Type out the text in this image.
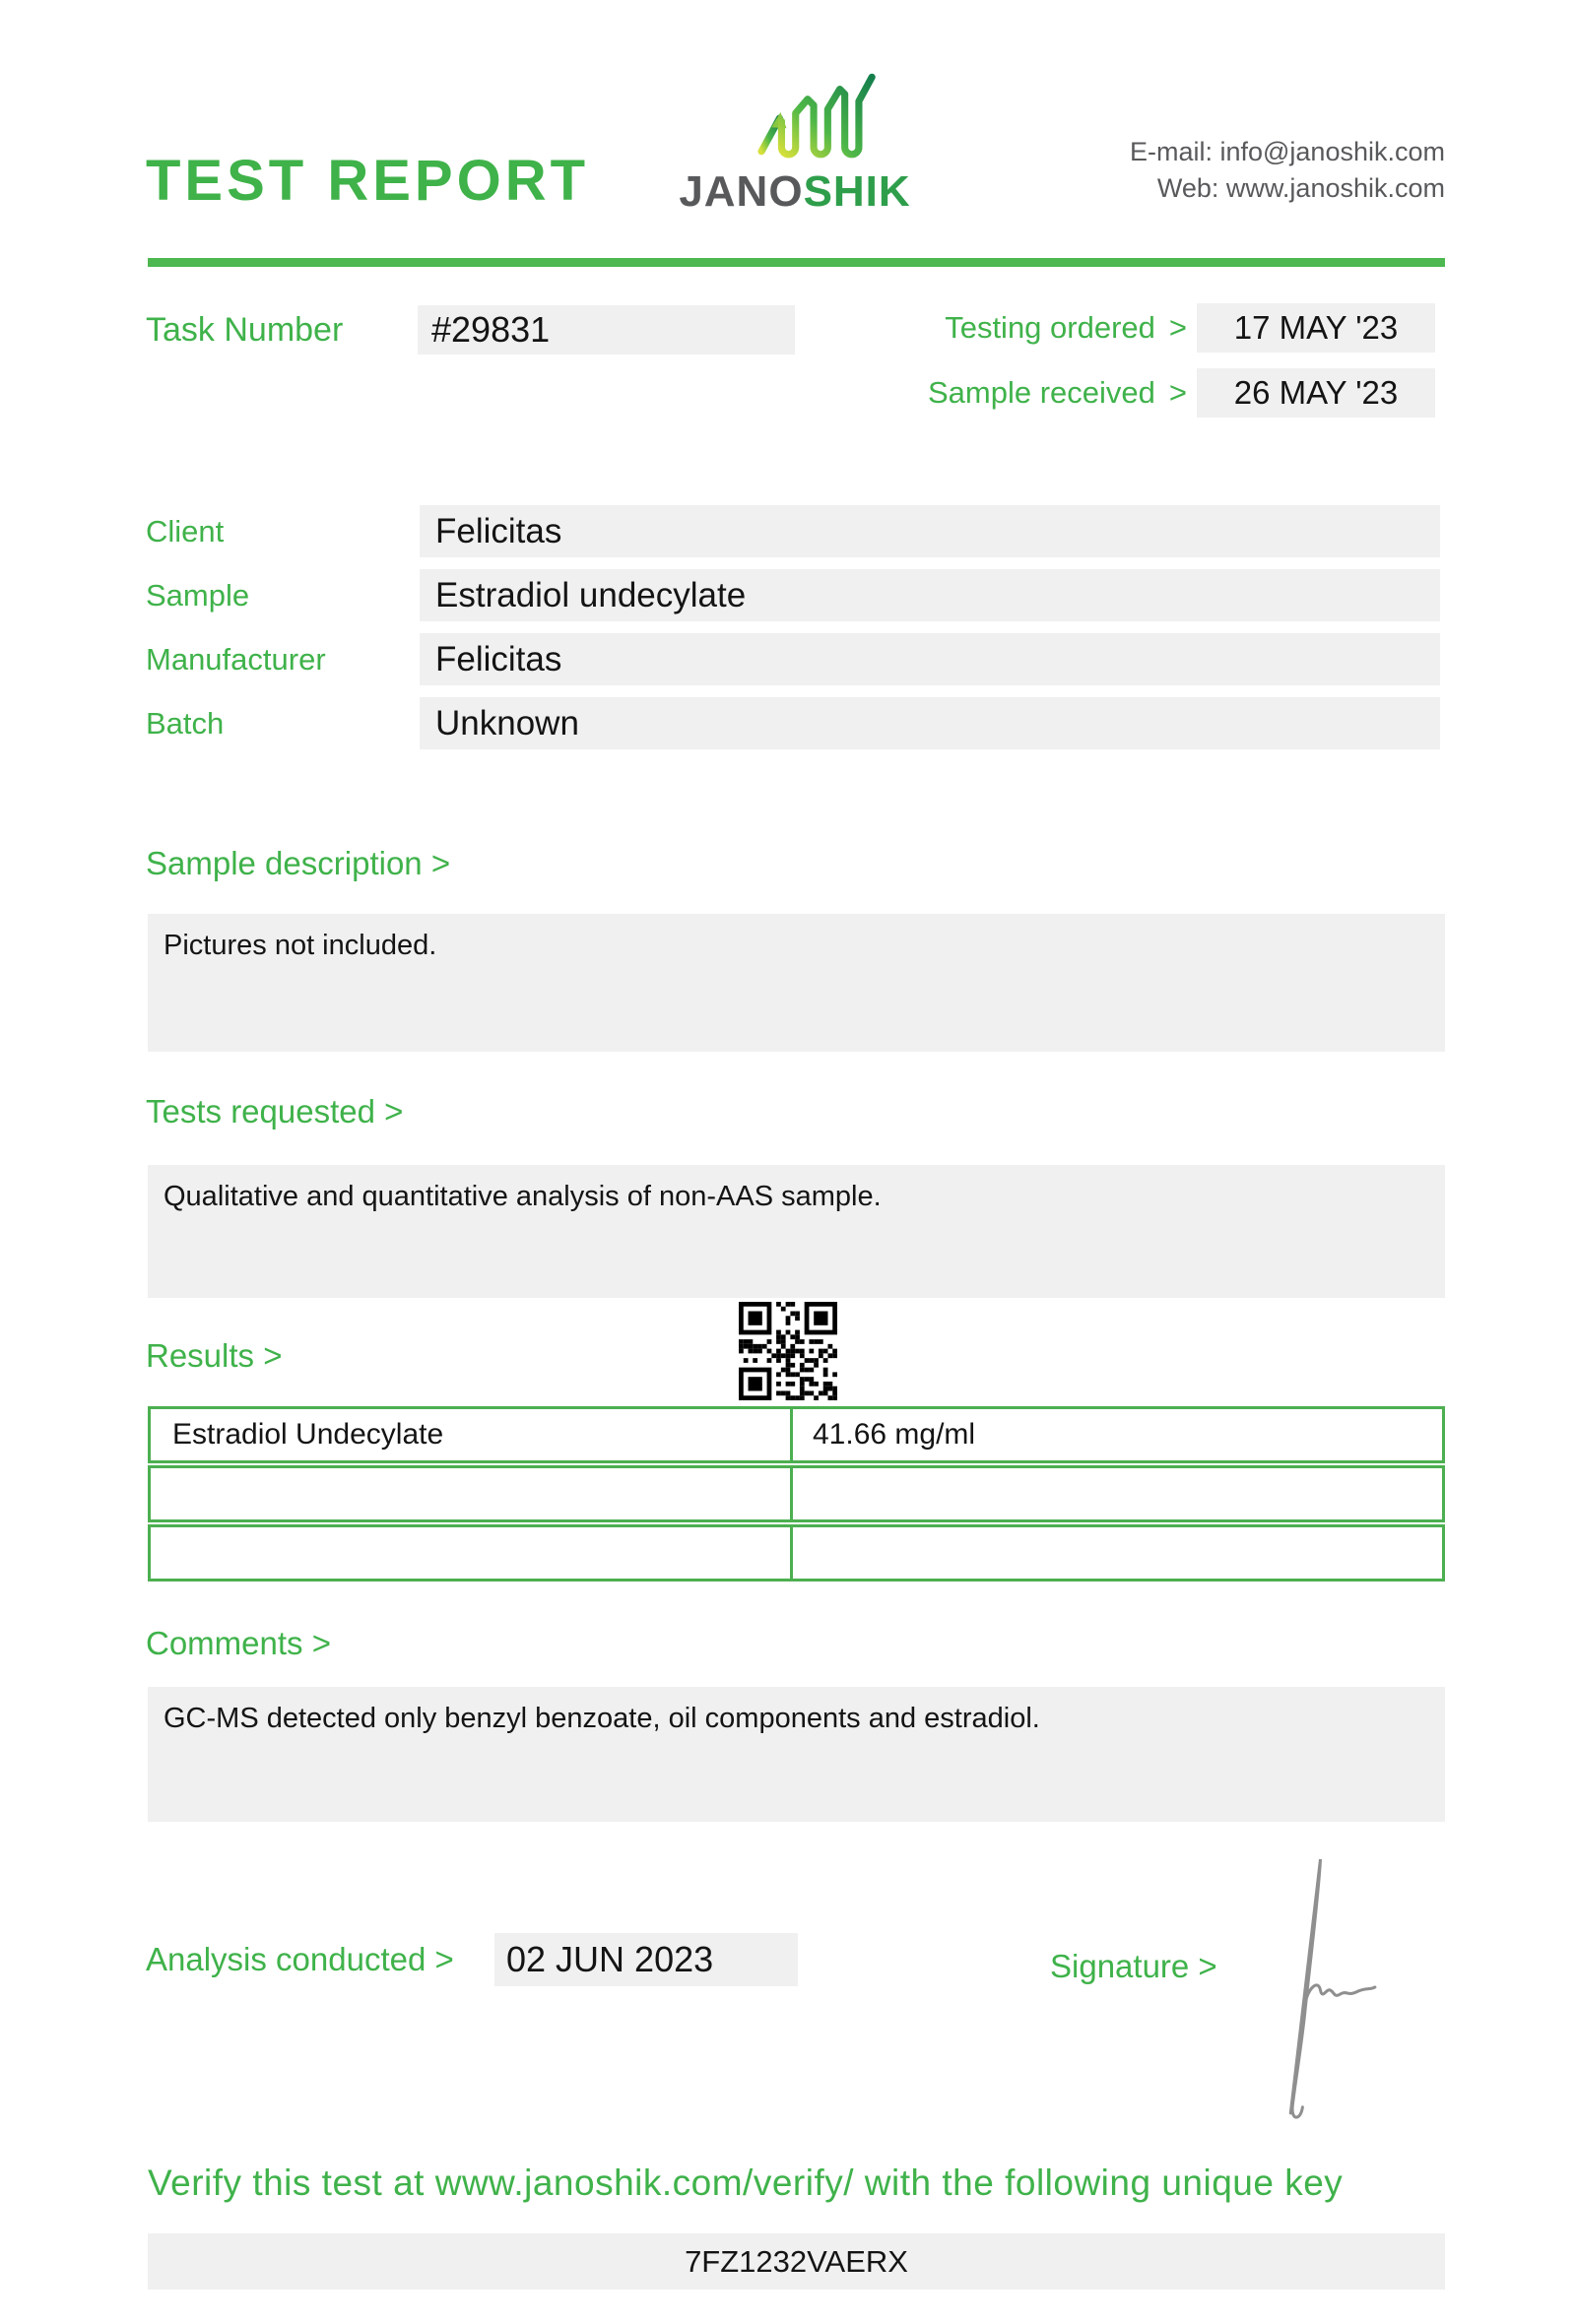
TEST REPORT	JANOSHIK
E-mail: info@janoshik.com
Web: www.janoshik.com
Task Number	#29831	Testing ordered >	17 MAY '23
Sample received >	26 MAY '23
Client	Felicitas
Sample	Estradiol undecylate
Manufacturer	Felicitas
Batch	Unknown
Sample description >
Pictures not included.
Tests requested >
Qualitative and quantitative analysis of non-AAS sample.
Results >
Estradiol Undecylate	41.66 mg/ml
Comments >
GC-MS detected only benzyl benzoate, oil components and estradiol.
Analysis conducted >	02 JUN 2023	Signature >
Verify this test at www.janoshik.com/verify/ with the following unique key
7FZ1232VAERX
